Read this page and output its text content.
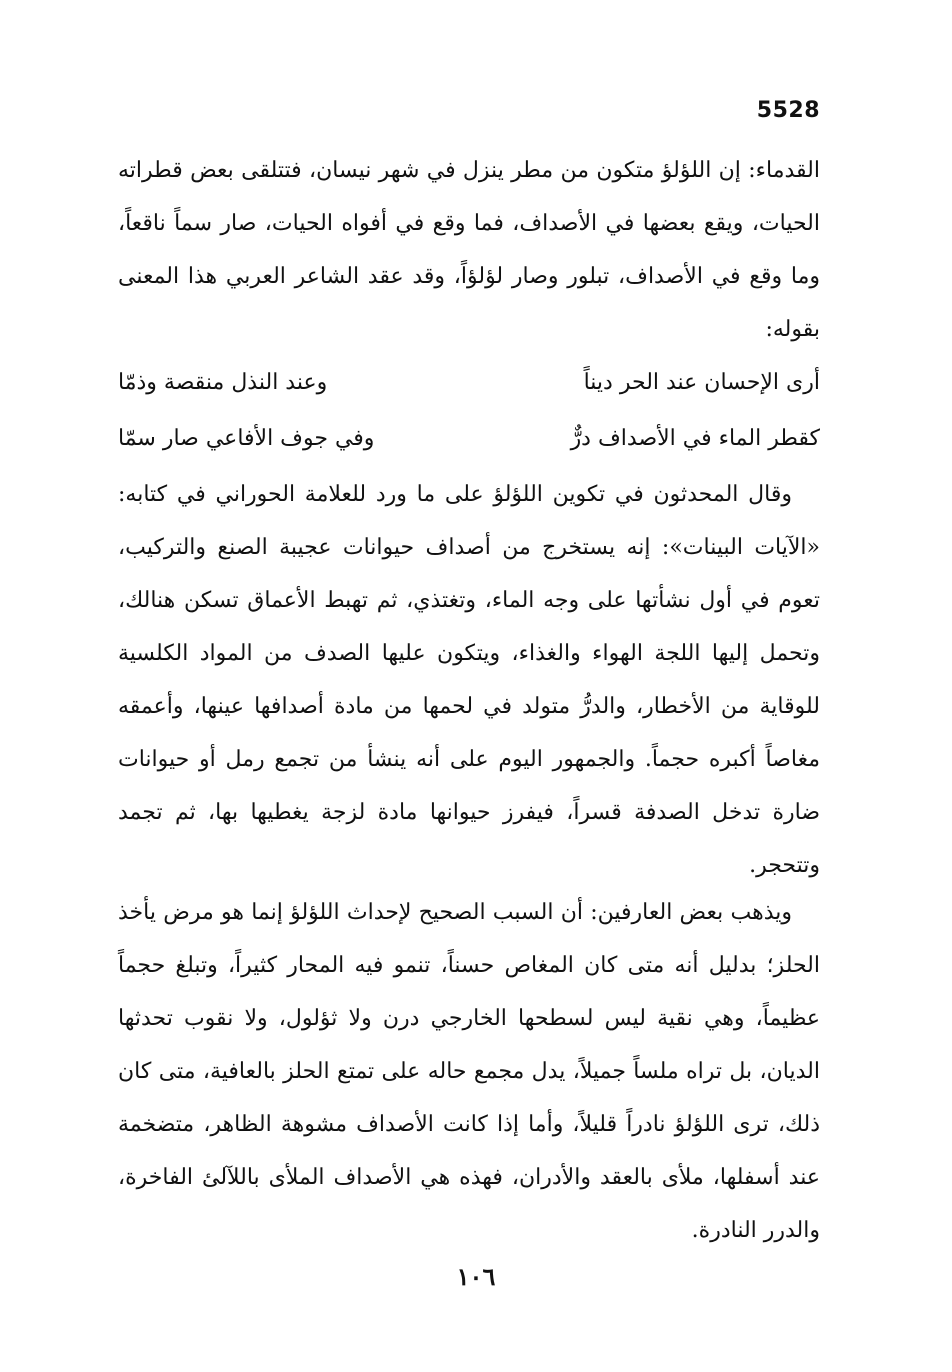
5528

القدماء: إن اللؤلؤ متكون من مطر ينزل في شهر نيسان، فتتلقى بعض قطراته الحيات، ويقع بعضها في الأصداف، فما وقع في أفواه الحيات، صار سماً ناقعاً، وما وقع في الأصداف، تبلور وصار لؤلؤاً، وقد عقد الشاعر العربي هذا المعنى بقوله:

أرى الإحسان عند الحر ديناً
وعند النذل منقصة وذمّا
كقطر الماء في الأصداف درٌّ
وفي جوف الأفاعي صار سمّا

وقال المحدثون في تكوين اللؤلؤ على ما ورد للعلامة الحوراني في كتابه: «الآيات البينات»: إنه يستخرج من أصداف حيوانات عجيبة الصنع والتركيب، تعوم في أول نشأتها على وجه الماء، وتغتذي، ثم تهبط الأعماق تسكن هنالك، وتحمل إليها اللجة الهواء والغذاء، ويتكون عليها الصدف من المواد الكلسية للوقاية من الأخطار، والدرُّ متولد في لحمها من مادة أصدافها عينها، وأعمقه مغاصاً أكبره حجماً. والجمهور اليوم على أنه ينشأ من تجمع رمل أو حيوانات ضارة تدخل الصدفة قسراً، فيفرز حيوانها مادة لزجة يغطيها بها، ثم تجمد وتتحجر.

ويذهب بعض العارفين: أن السبب الصحيح لإحداث اللؤلؤ إنما هو مرض يأخذ الحلز؛ بدليل أنه متى كان المغاص حسناً، تنمو فيه المحار كثيراً، وتبلغ حجماً عظيماً، وهي نقية ليس لسطحها الخارجي درن ولا ثؤلول، ولا نقوب تحدثها الديان، بل تراه ملساً جميلاً، يدل مجمع حاله على تمتع الحلز بالعافية، متى كان ذلك، ترى اللؤلؤ نادراً قليلاً، وأما إذا كانت الأصداف مشوهة الظاهر، متضخمة عند أسفلها، ملأى بالعقد والأدران، فهذه هي الأصداف الملأى باللآلئ الفاخرة، والدرر النادرة.

١٠٦
